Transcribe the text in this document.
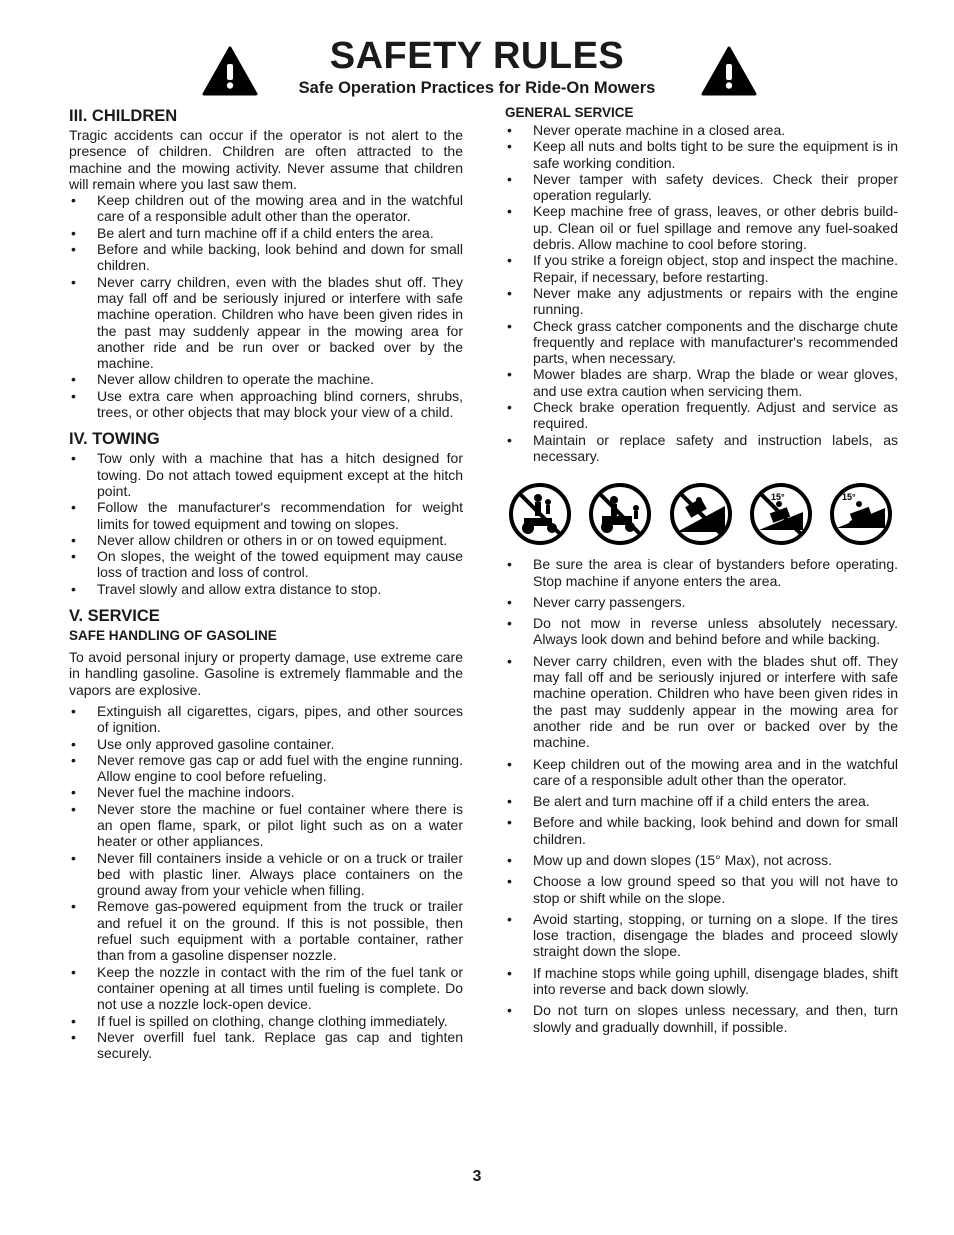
SAFETY RULES
Safe Operation Practices for Ride-On Mowers
III. CHILDREN

Tragic accidents can occur if the operator is not alert to the presence of children. Children are often attracted to the machine and the mowing activity. Never assume that children will remain where you last saw them.

• Keep children out of the mowing area and in the watchful care of a responsible adult other than the operator.
• Be alert and turn machine off if a child enters the area.
• Before and while backing, look behind and down for small children.
• Never carry children, even with the blades shut off. They may fall off and be seriously injured or interfere with safe machine operation. Children who have been given rides in the past may suddenly appear in the mowing area for another ride and be run over or backed over by the machine.
• Never allow children to operate the machine.
• Use extra care when approaching blind corners, shrubs, trees, or other objects that may block your view of a child.
IV. TOWING
• Tow only with a machine that has a hitch designed for towing. Do not attach towed equipment except at the hitch point.
• Follow the manufacturer's recommendation for weight limits for towed equipment and towing on slopes.
• Never allow children or others in or on towed equipment.
• On slopes, the weight of the towed equipment may cause loss of traction and loss of control.
• Travel slowly and allow extra distance to stop.
V. SERVICE
SAFE HANDLING OF GASOLINE

To avoid personal injury or property damage, use extreme care in handling gasoline. Gasoline is extremely flammable and the vapors are explosive.

• Extinguish all cigarettes, cigars, pipes, and other sources of ignition.
• Use only approved gasoline container.
• Never remove gas cap or add fuel with the engine running. Allow engine to cool before refueling.
• Never fuel the machine indoors.
• Never store the machine or fuel container where there is an open flame, spark, or pilot light such as on a water heater or other appliances.
• Never fill containers inside a vehicle or on a truck or trailer bed with plastic liner. Always place containers on the ground away from your vehicle when filling.
• Remove gas-powered equipment from the truck or trailer and refuel it on the ground. If this is not possible, then refuel such equipment with a portable container, rather than from a gasoline dispenser nozzle.
• Keep the nozzle in contact with the rim of the fuel tank or container opening at all times until fueling is complete. Do not use a nozzle lock-open device.
• If fuel is spilled on clothing, change clothing immediately.
• Never overfill fuel tank. Replace gas cap and tighten securely.
GENERAL SERVICE
• Never operate machine in a closed area.
• Keep all nuts and bolts tight to be sure the equipment is in safe working condition.
• Never tamper with safety devices. Check their proper operation regularly.
• Keep machine free of grass, leaves, or other debris build-up. Clean oil or fuel spillage and remove any fuel-soaked debris. Allow machine to cool before storing.
• If you strike a foreign object, stop and inspect the machine. Repair, if necessary, before restarting.
• Never make any adjustments or repairs with the engine running.
• Check grass catcher components and the discharge chute frequently and replace with manufacturer's recommended parts, when necessary.
• Mower blades are sharp. Wrap the blade or wear gloves, and use extra caution when servicing them.
• Check brake operation frequently. Adjust and service as required.
• Maintain or replace safety and instruction labels, as necessary.
15°	15°
• Be sure the area is clear of bystanders before operating. Stop machine if anyone enters the area.
• Never carry passengers.
• Do not mow in reverse unless absolutely necessary. Always look down and behind before and while backing.
• Never carry children, even with the blades shut off. They may fall off and be seriously injured or interfere with safe machine operation. Children who have been given rides in the past may suddenly appear in the mowing area for another ride and be run over or backed over by the machine.
• Keep children out of the mowing area and in the watchful care of a responsible adult other than the operator.
• Be alert and turn machine off if a child enters the area.
• Before and while backing, look behind and down for small children.
• Mow up and down slopes (15° Max), not across.
• Choose a low ground speed so that you will not have to stop or shift while on the slope.
• Avoid starting, stopping, or turning on a slope. If the tires lose traction, disengage the blades and proceed slowly straight down the slope.
• If machine stops while going uphill, disengage blades, shift into reverse and back down slowly.
• Do not turn on slopes unless necessary, and then, turn slowly and gradually downhill, if possible.
3
